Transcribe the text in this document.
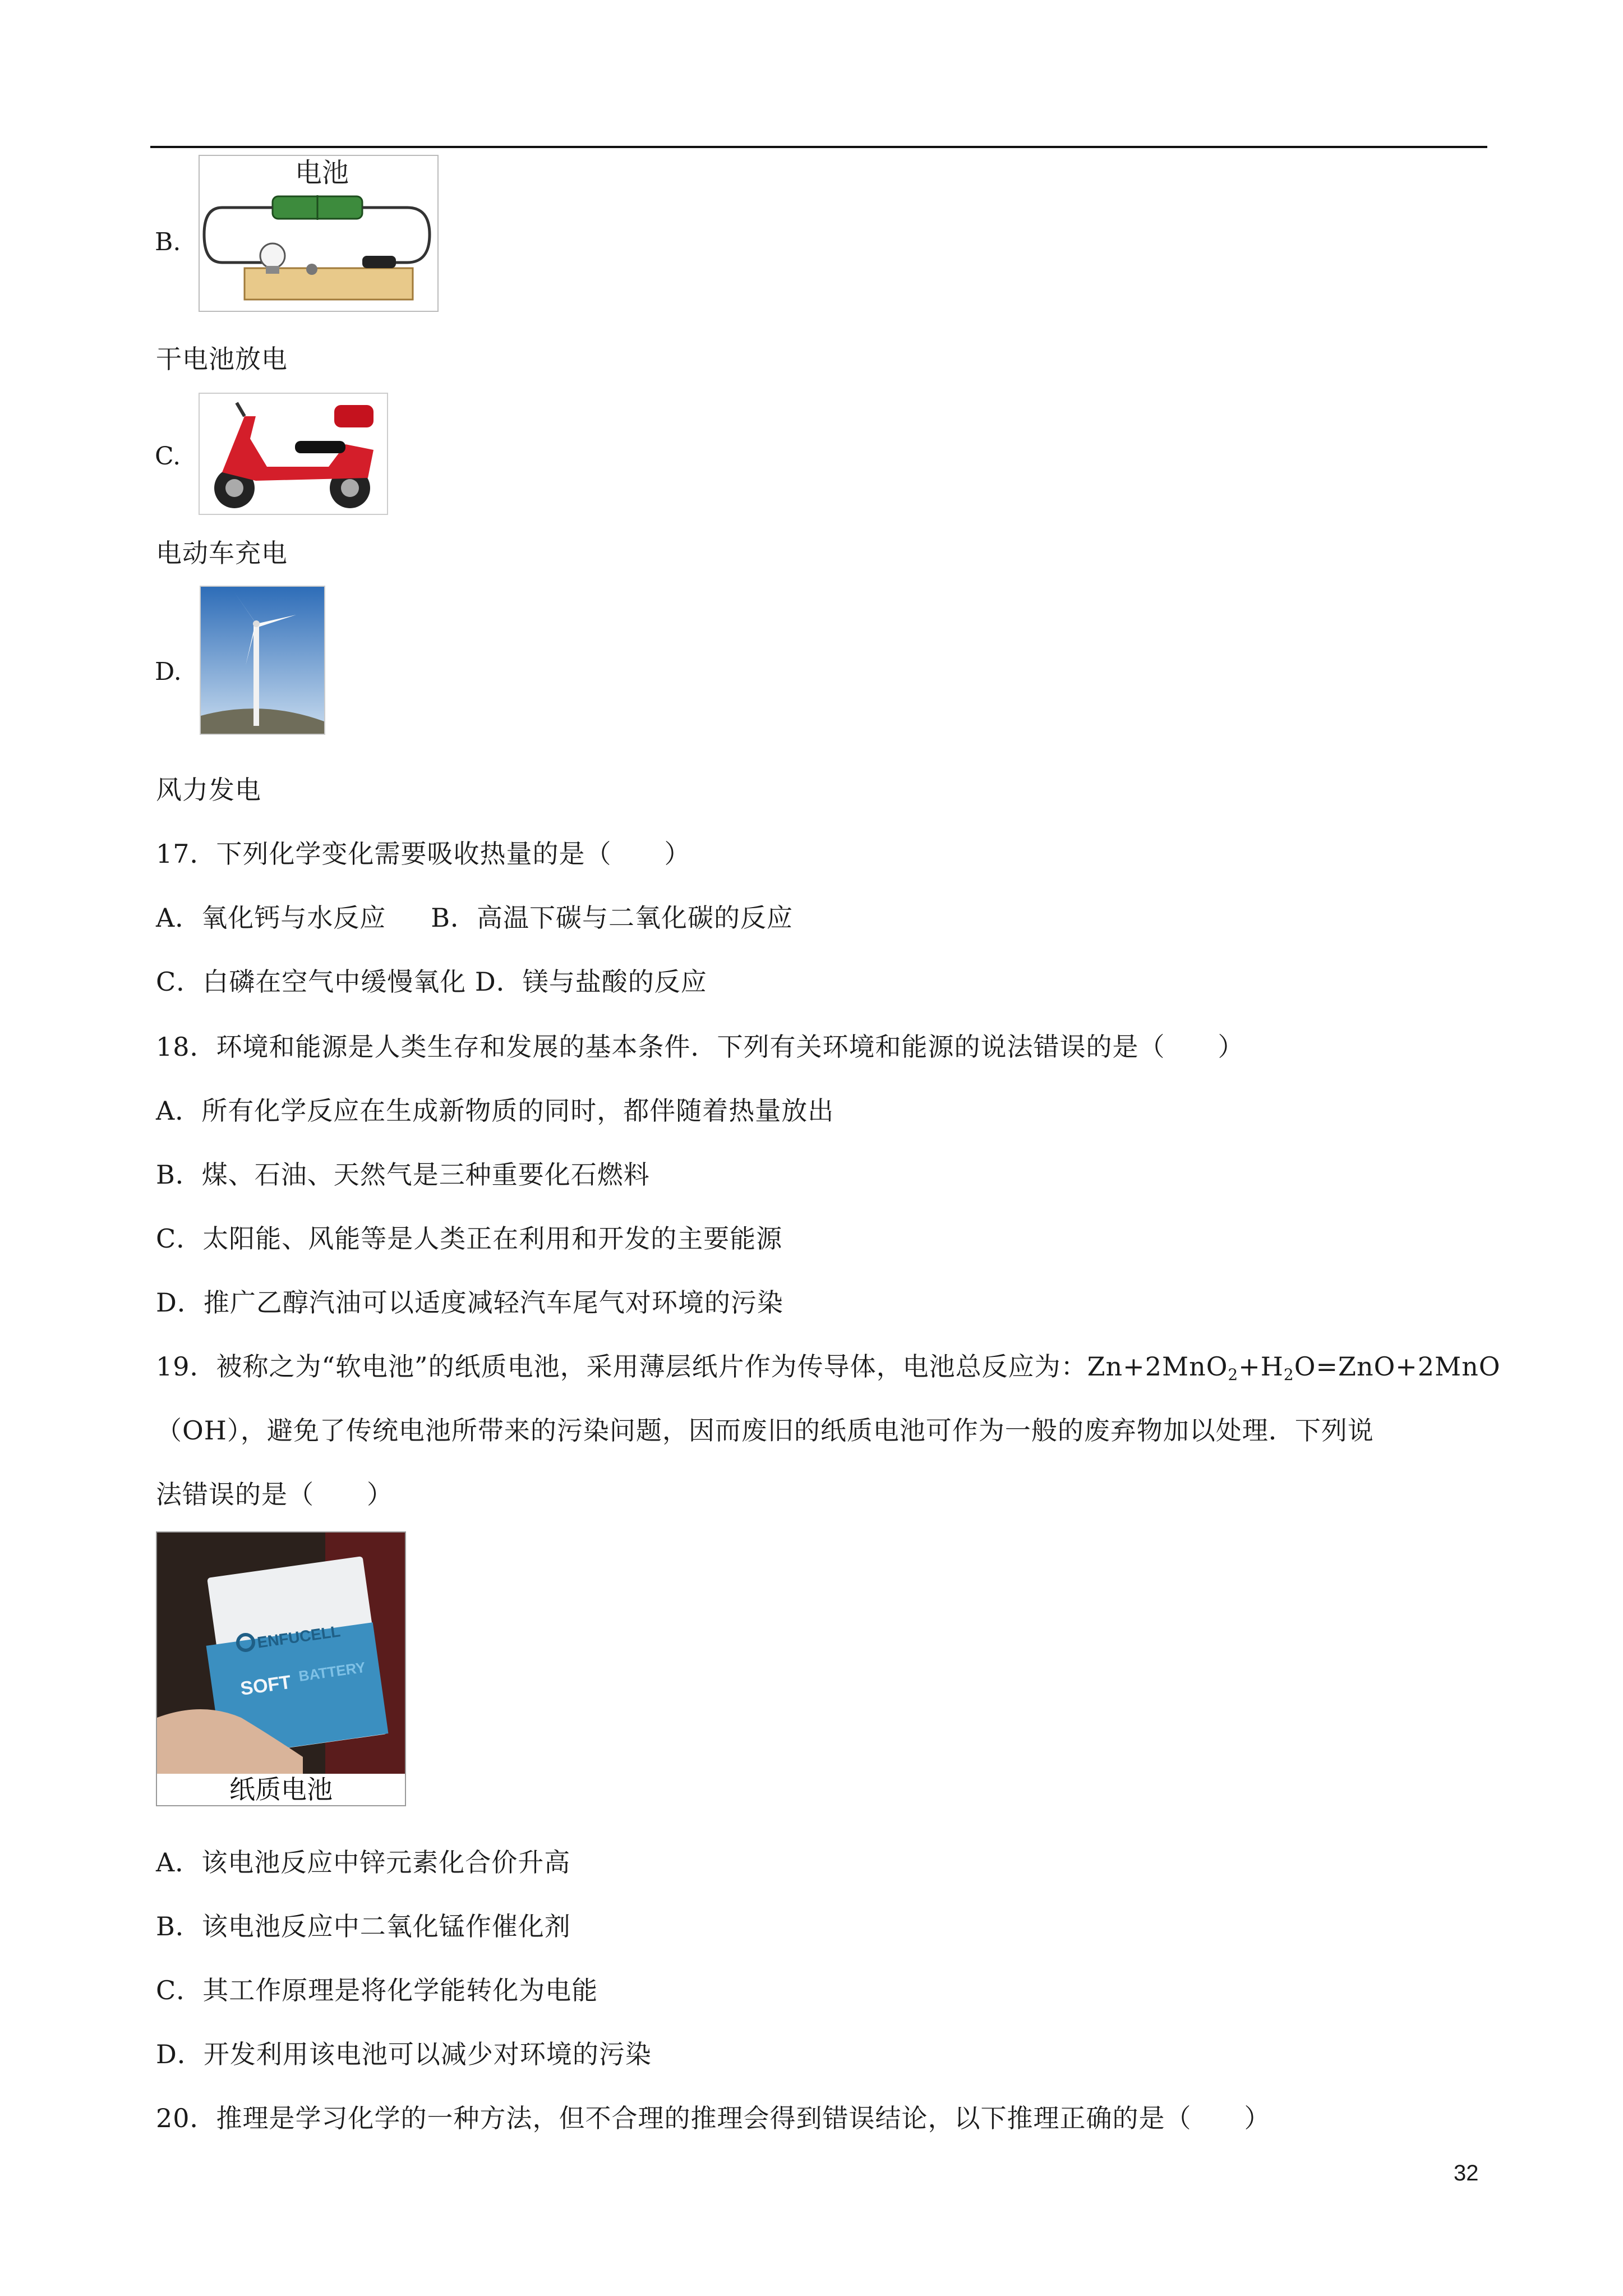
B.
电池
干电池放电
C.
电动车充电
D.
风力发电
17．下列化学变化需要吸收热量的是（　　）
A．氧化钙与水反应 B．高温下碳与二氧化碳的反应
C．白磷在空气中缓慢氧化 D．镁与盐酸的反应
18．环境和能源是人类生存和发展的基本条件．下列有关环境和能源的说法错误的是（　　）
A．所有化学反应在生成新物质的同时，都伴随着热量放出
B．煤、石油、天然气是三种重要化石燃料
C．太阳能、风能等是人类正在利用和开发的主要能源
D．推广乙醇汽油可以适度减轻汽车尾气对环境的污染
19．被称之为“软电池”的纸质电池，采用薄层纸片作为传导体，电池总反应为：$Zn+2MnO_2+H_2O=ZnO+2MnO$
（OH），避免了传统电池所带来的污染问题，因而废旧的纸质电池可作为一般的废弃物加以处理．下列说
法错误的是（　　）
ENFUCELL
SOFT BATTERY
纸质电池
A．该电池反应中锌元素化合价升高
B．该电池反应中二氧化锰作催化剂
C．其工作原理是将化学能转化为电能
D．开发利用该电池可以减少对环境的污染
20．推理是学习化学的一种方法，但不合理的推理会得到错误结论，以下推理正确的是（　　）
32
